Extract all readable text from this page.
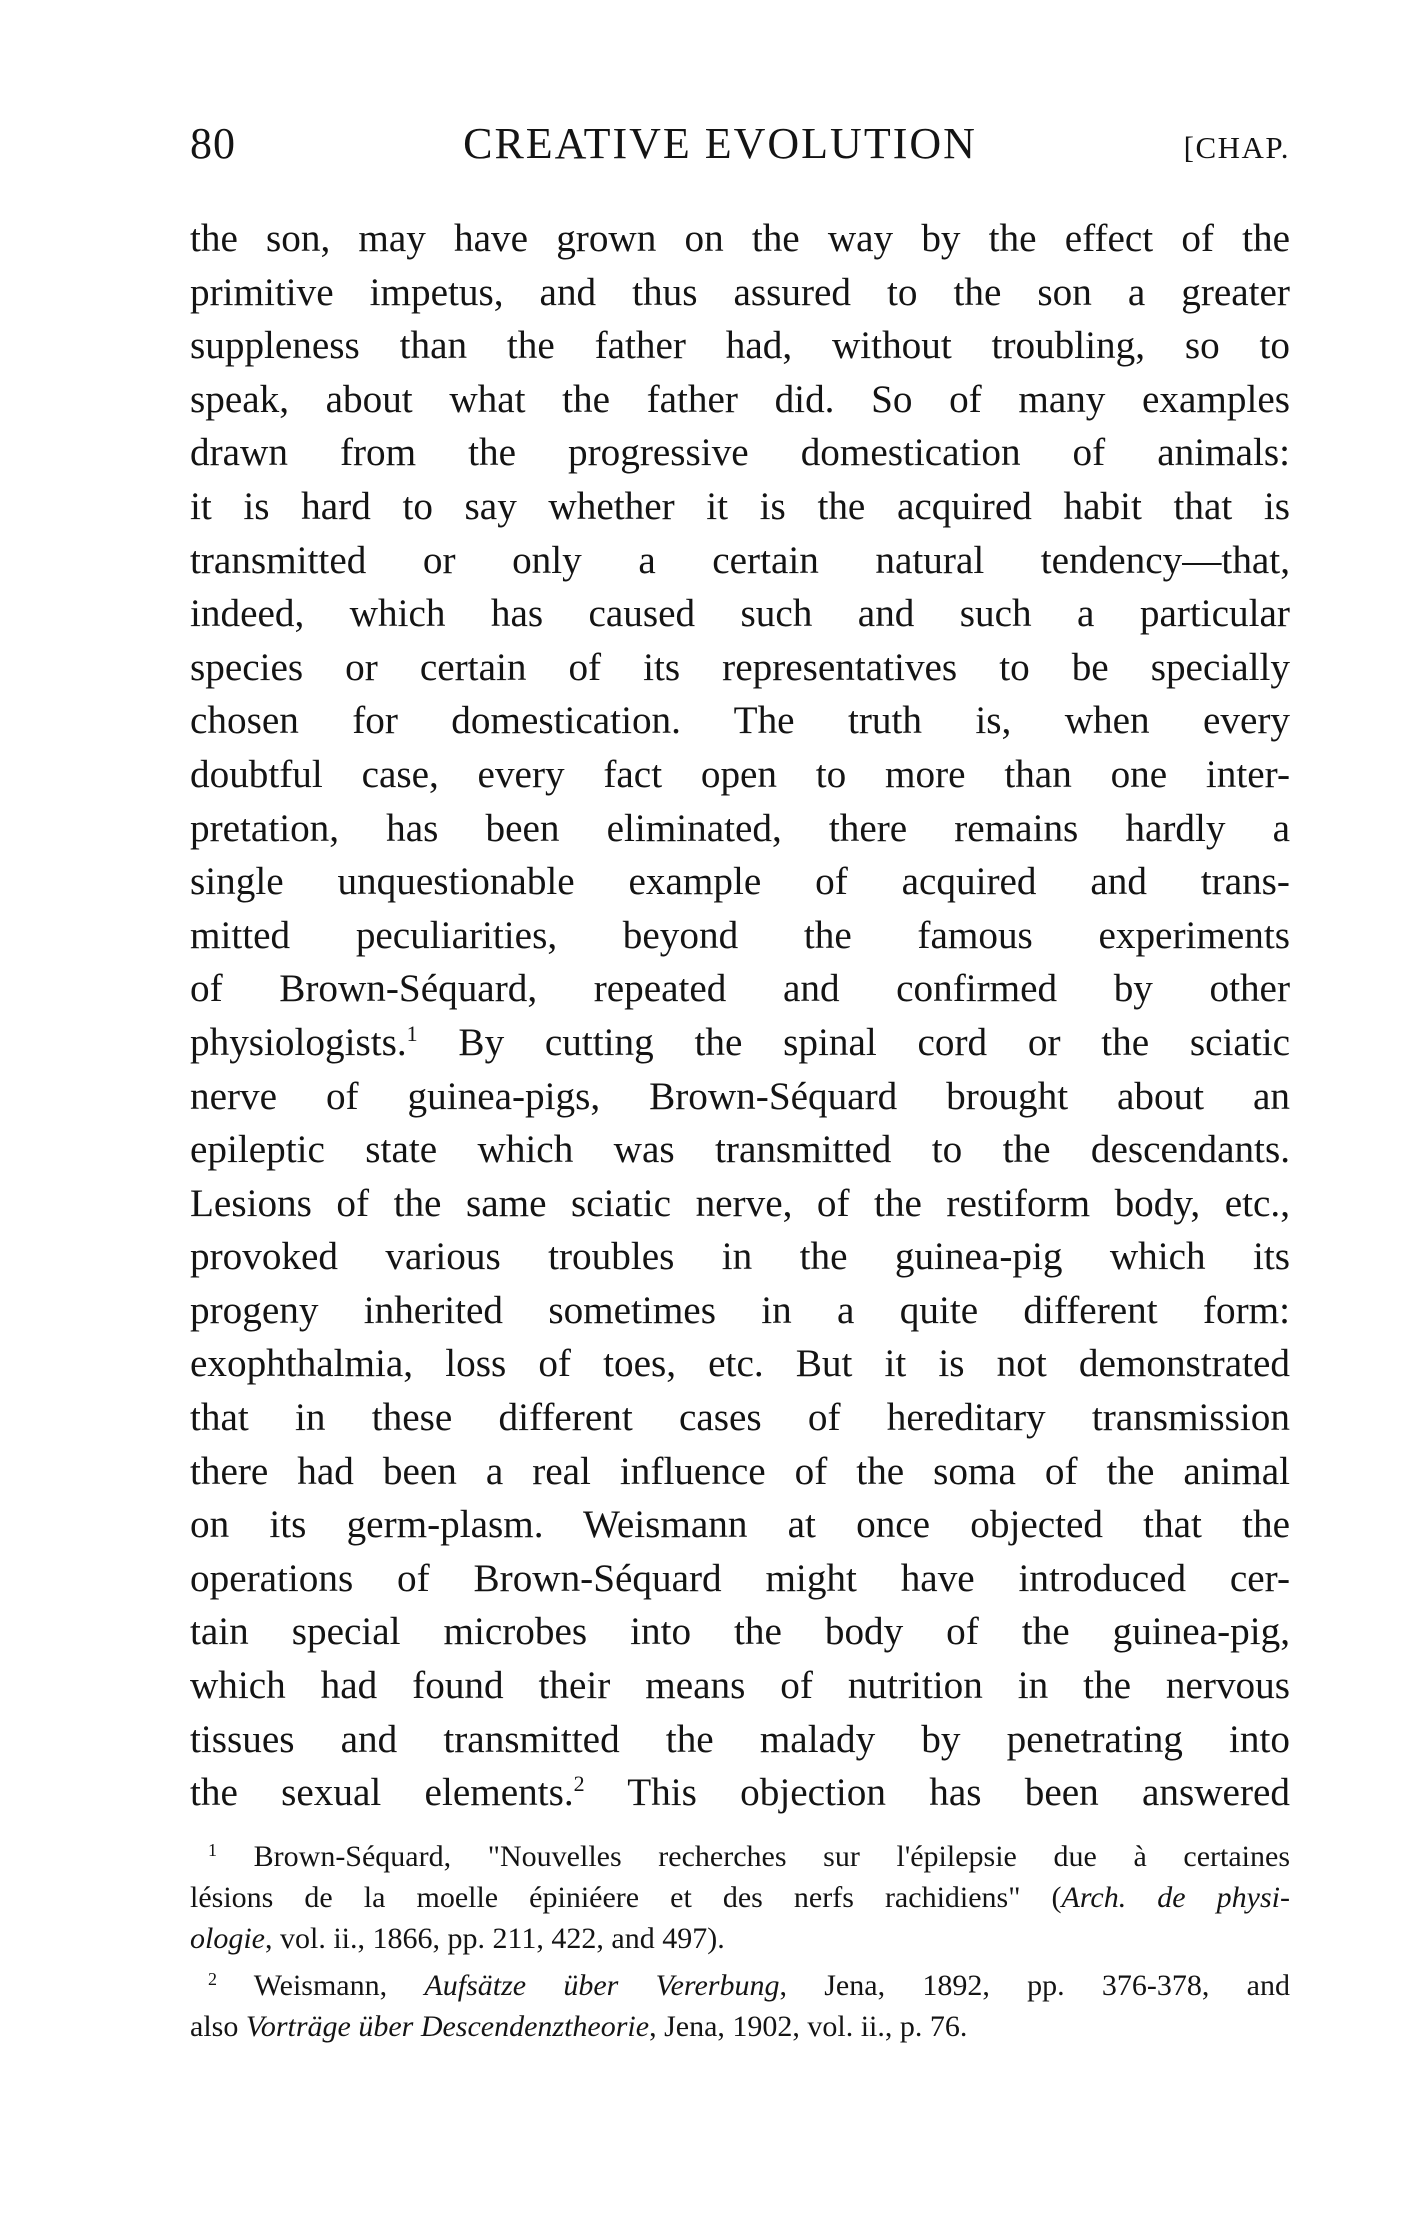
80	CREATIVE EVOLUTION	[CHAP.
the son, may have grown on the way by the effect of the
primitive impetus, and thus assured to the son a greater
suppleness than the father had, without troubling, so to
speak, about what the father did. So of many examples
drawn from the progressive domestication of animals:
it is hard to say whether it is the acquired habit that is
transmitted or only a certain natural tendency—that,
indeed, which has caused such and such a particular
species or certain of its representatives to be specially
chosen for domestication. The truth is, when every
doubtful case, every fact open to more than one inter-
pretation, has been eliminated, there remains hardly a
single unquestionable example of acquired and trans-
mitted peculiarities, beyond the famous experiments
of Brown-Séquard, repeated and confirmed by other
physiologists.$^1$ By cutting the spinal cord or the sciatic
nerve of guinea-pigs, Brown-Séquard brought about an
epileptic state which was transmitted to the descendants.
Lesions of the same sciatic nerve, of the restiform body, etc.,
provoked various troubles in the guinea-pig which its
progeny inherited sometimes in a quite different form:
exophthalmia, loss of toes, etc. But it is not demonstrated
that in these different cases of hereditary transmission
there had been a real influence of the soma of the animal
on its germ-plasm. Weismann at once objected that the
operations of Brown-Séquard might have introduced cer-
tain special microbes into the body of the guinea-pig,
which had found their means of nutrition in the nervous
tissues and transmitted the malady by penetrating into
the sexual elements.$^2$ This objection has been answered
$^1$ Brown-Séquard, "Nouvelles recherches sur l'épilepsie due à certaines
lésions de la moelle épiniéere et des nerfs rachidiens" (Arch. de physi-
ologie, vol. ii., 1866, pp. 211, 422, and 497).
$^2$ Weismann, Aufsätze über Vererbung, Jena, 1892, pp. 376-378, and
also Vorträge über Descendenztheorie, Jena, 1902, vol. ii., p. 76.
